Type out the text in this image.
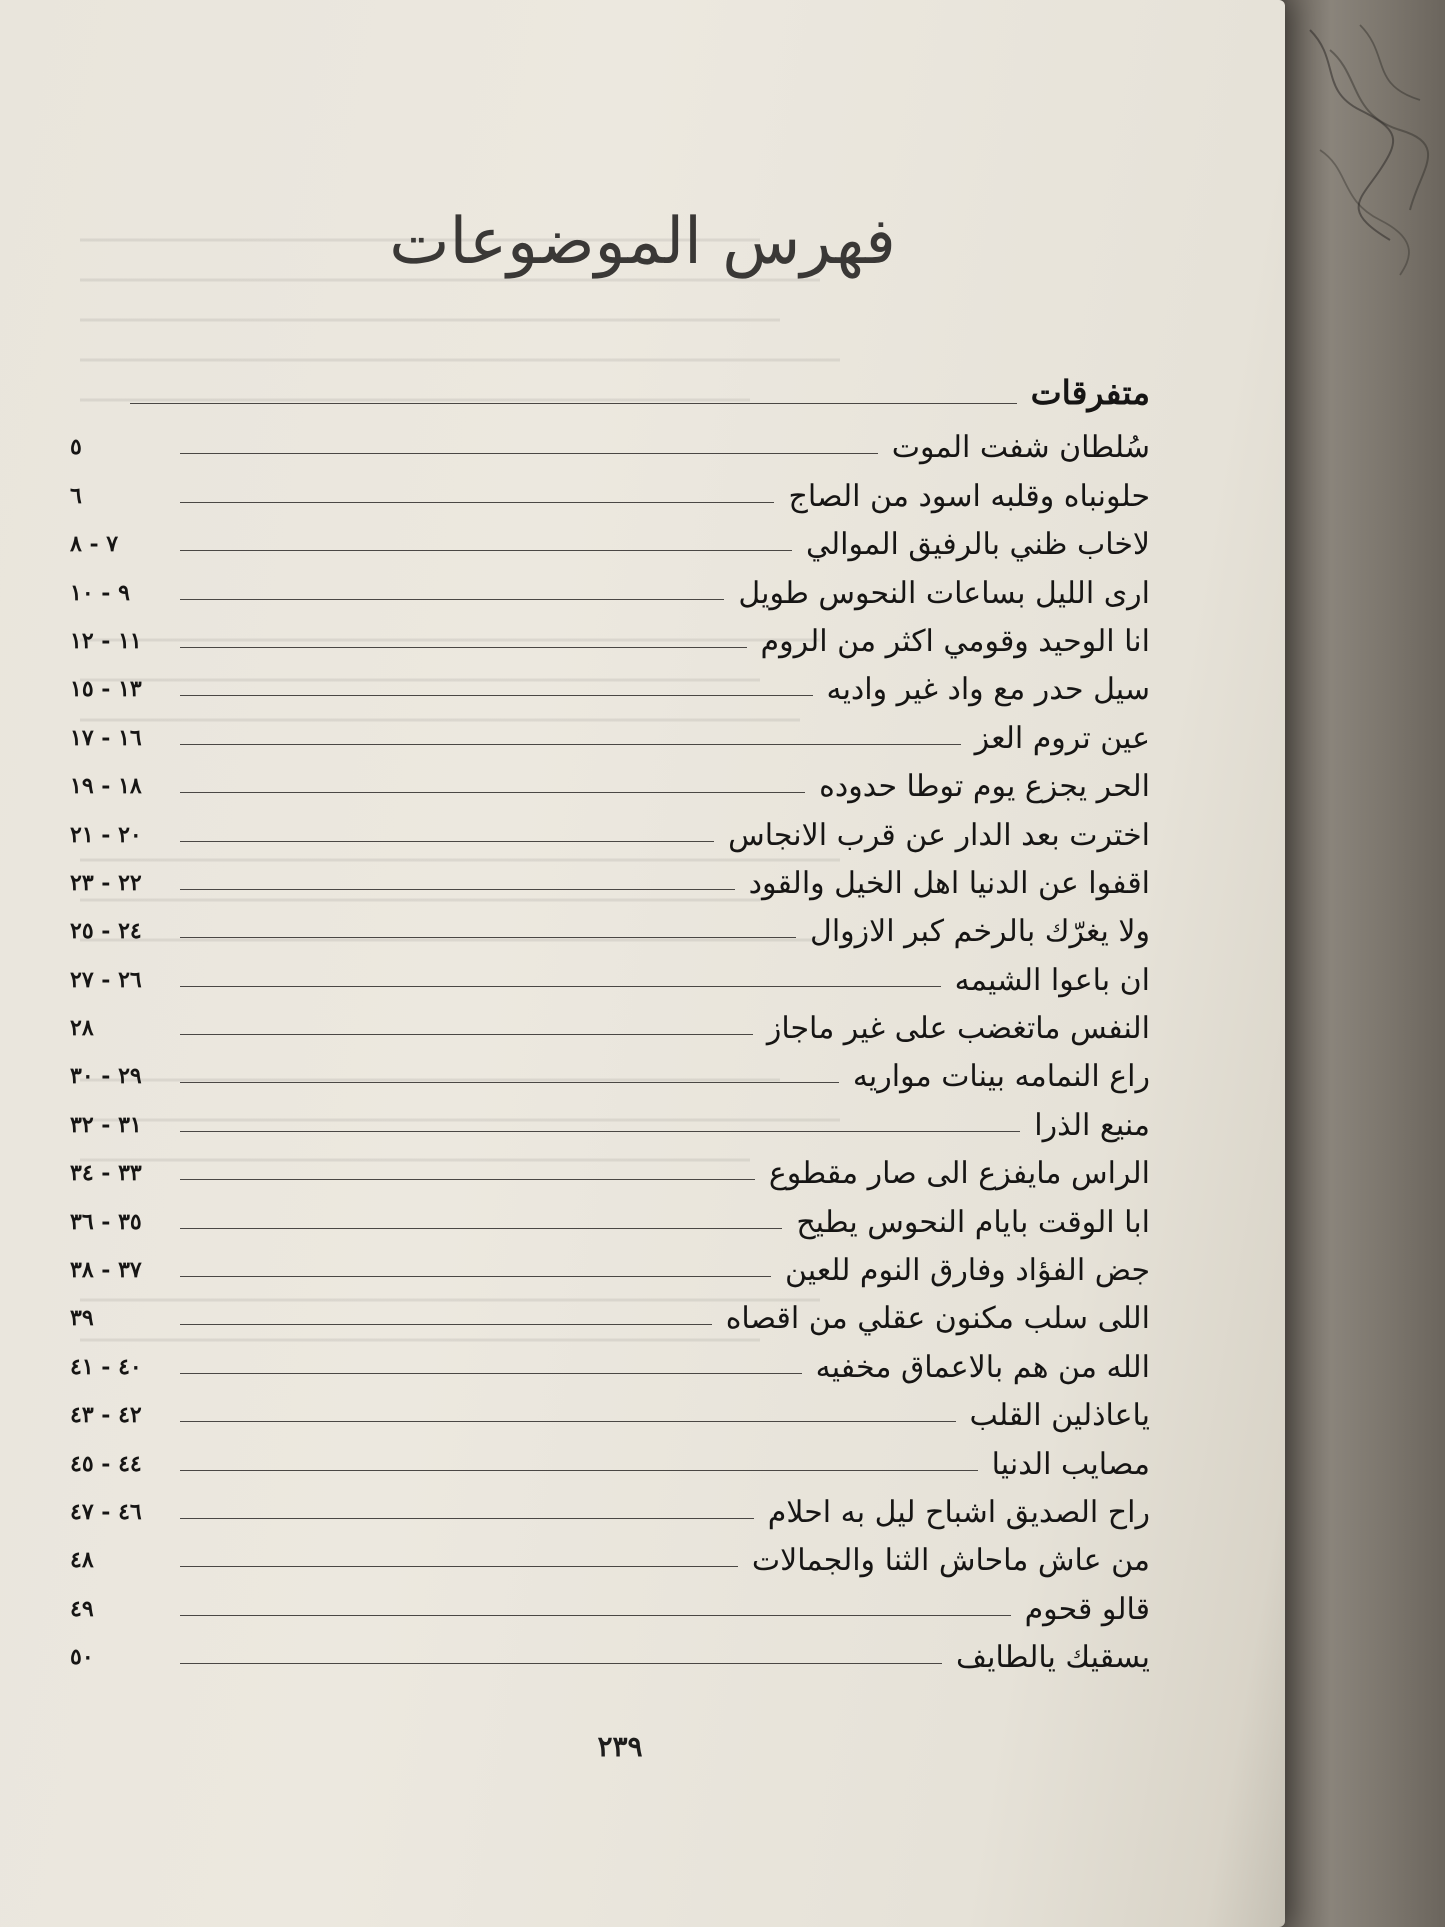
فهرس الموضوعات
متفرقات
سُلطان شفت الموت
٥
حلونباه وقلبه اسود من الصاج
٦
لاخاب ظني بالرفيق الموالي
٧ - ٨
ارى الليل بساعات النحوس طويل
٩ - ١٠
انا الوحيد وقومي اكثر من الروم
١١ - ١٢
سيل حدر مع واد غير واديه
١٣ - ١٥
عين تروم العز
١٦ - ١٧
الحر يجزع يوم توطا حدوده
١٨ - ١٩
اخترت بعد الدار عن قرب الانجاس
٢٠ - ٢١
اقفوا عن الدنيا اهل الخيل والقود
٢٢ - ٢٣
ولا يغرّك بالرخم كبر الازوال
٢٤ - ٢٥
ان باعوا الشيمه
٢٦ - ٢٧
النفس ماتغضب على غير ماجاز
٢٨
راع النمامه بينات مواريه
٢٩ - ٣٠
منيع الذرا
٣١ - ٣٢
الراس مايفزع الى صار مقطوع
٣٣ - ٣٤
ابا الوقت بايام النحوس يطيح
٣٥ - ٣٦
جض الفؤاد وفارق النوم للعين
٣٧ - ٣٨
اللى سلب مكنون عقلي من اقصاه
٣٩
الله من هم بالاعماق مخفيه
٤٠ - ٤١
ياعاذلين القلب
٤٢ - ٤٣
مصايب الدنيا
٤٤ - ٤٥
راح الصديق اشباح ليل به احلام
٤٦ - ٤٧
من عاش ماحاش الثنا والجمالات
٤٨
قالو قحوم
٤٩
يسقيك يالطايف
٥٠
٢٣٩
